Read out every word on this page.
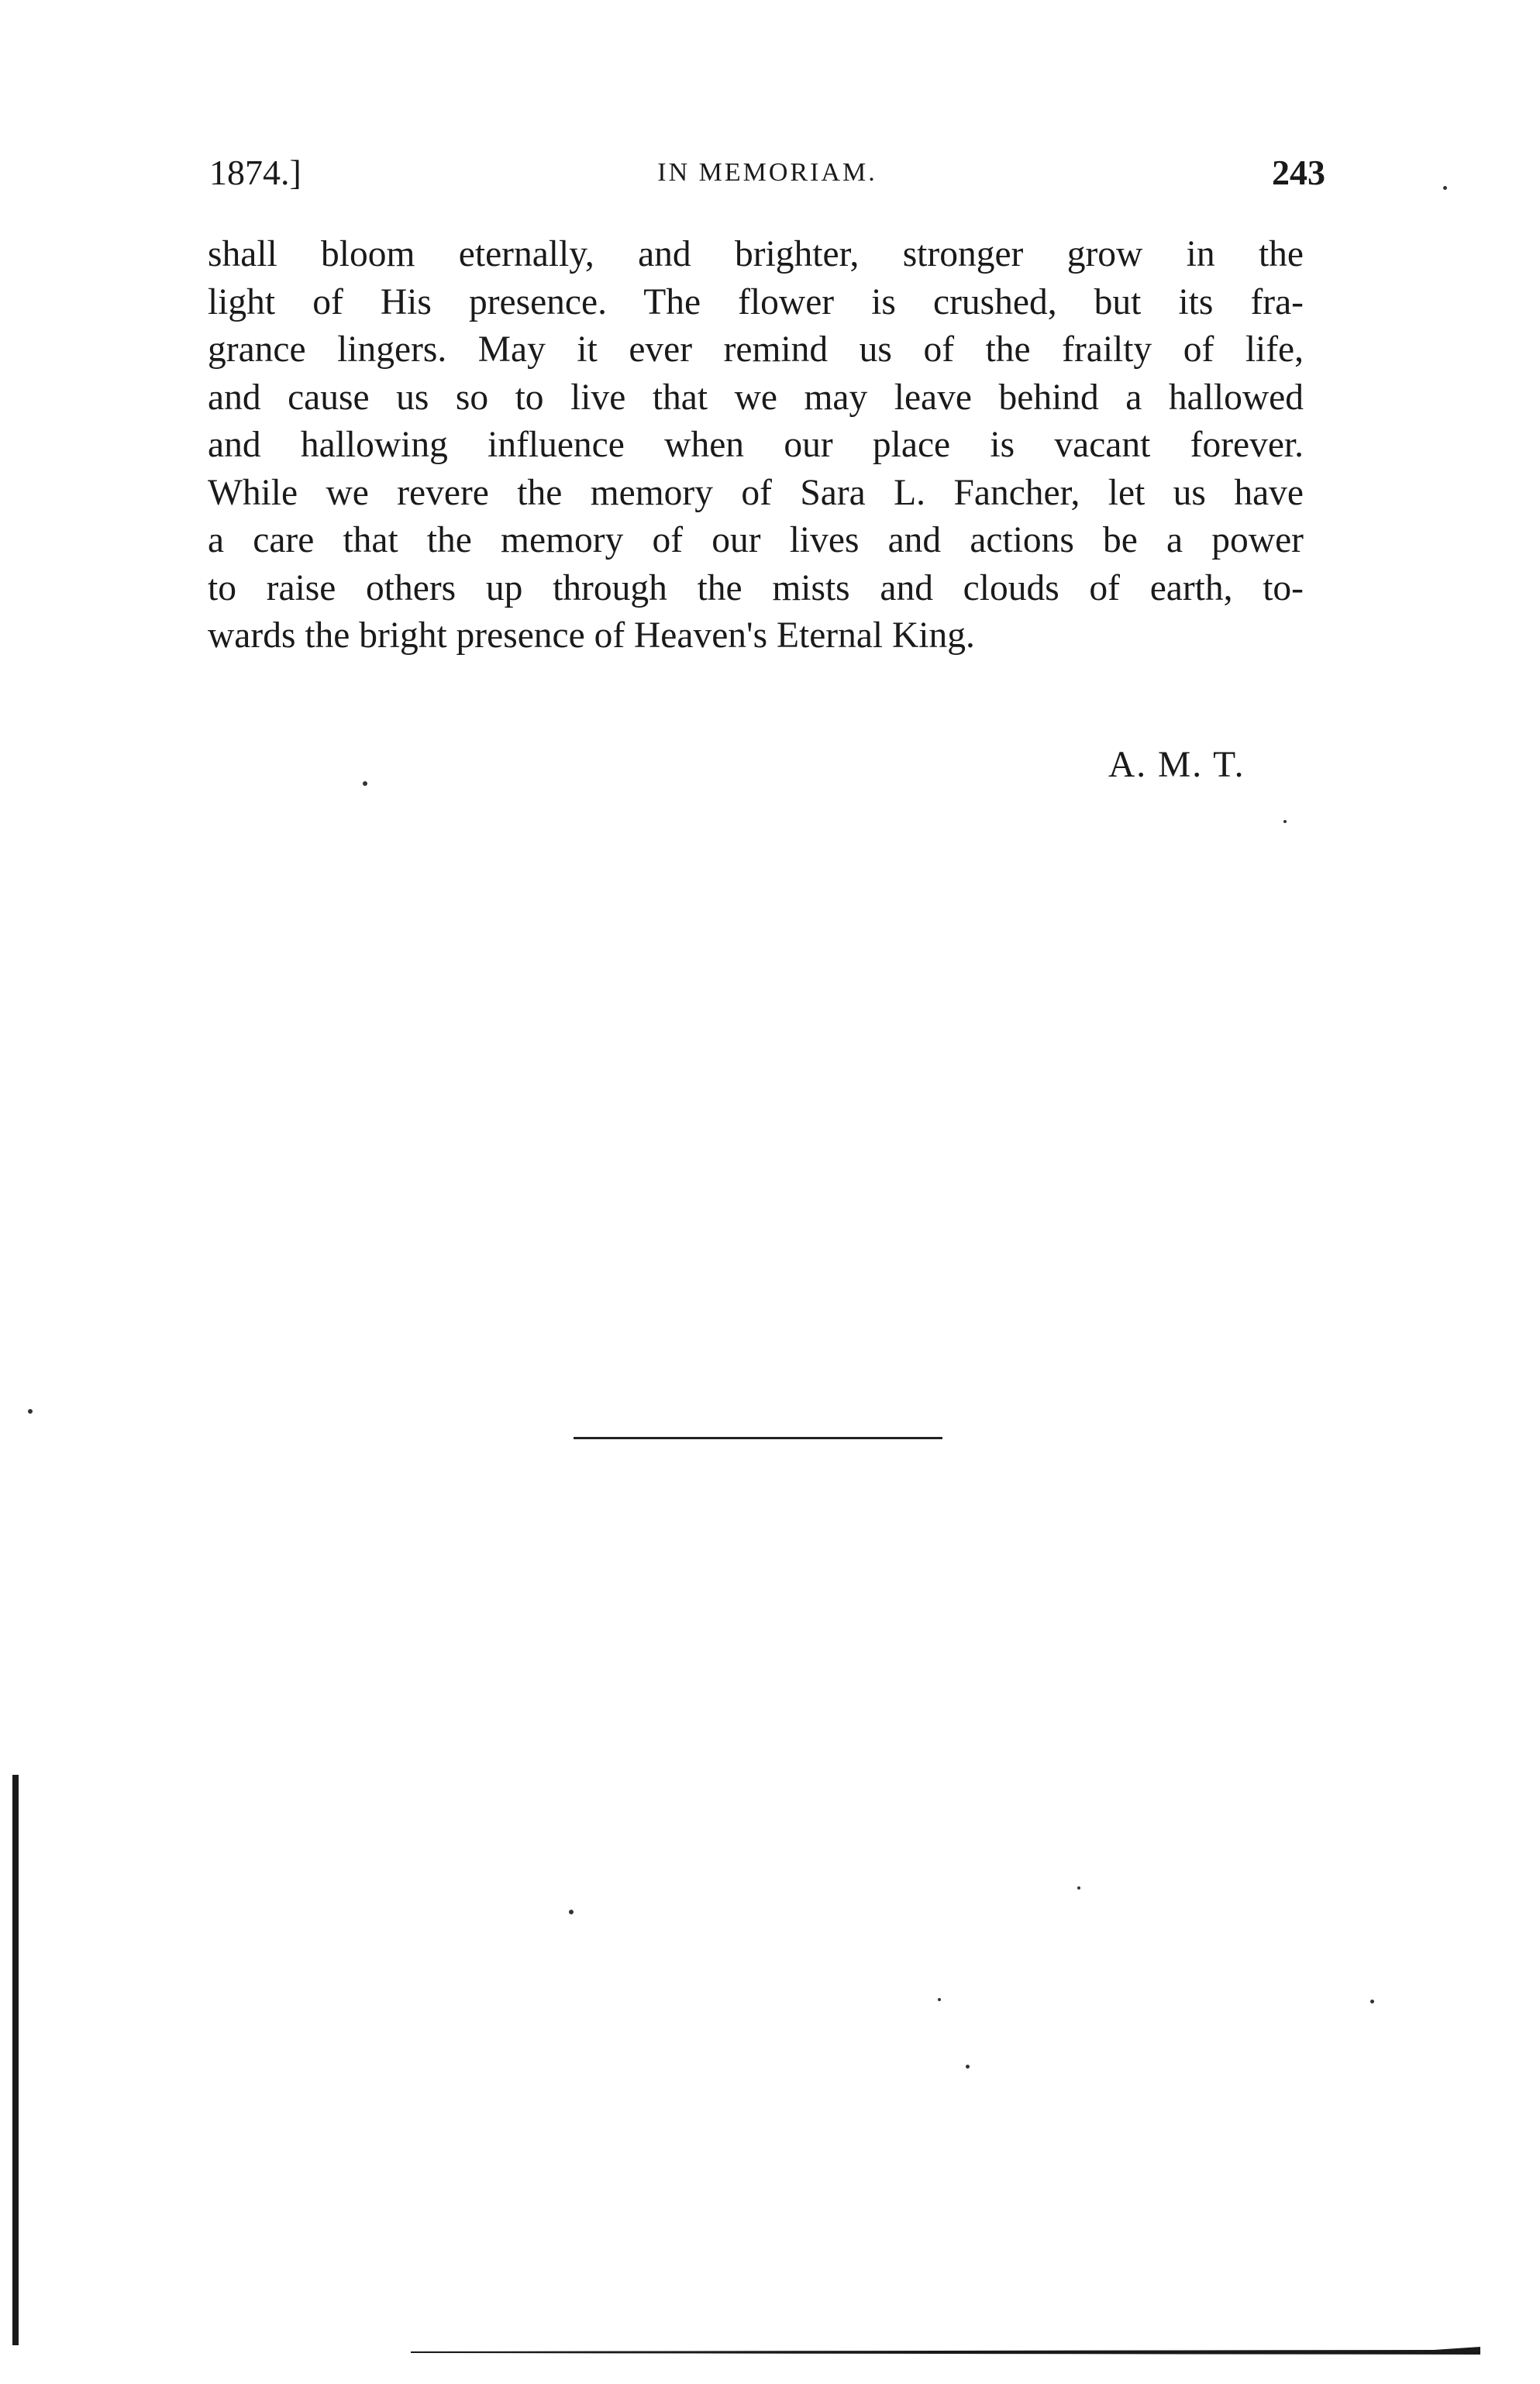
1874.]	IN MEMORIAM.	243
shall bloom eternally, and brighter, stronger grow in the
light of His presence. The flower is crushed, but its fra-
grance lingers. May it ever remind us of the frailty of life,
and cause us so to live that we may leave behind a hallowed
and hallowing influence when our place is vacant forever.
While we revere the memory of Sara L. Fancher, let us have
a care that the memory of our lives and actions be a power
to raise others up through the mists and clouds of earth, to-
wards the bright presence of Heaven's Eternal King.
A. M. T.
